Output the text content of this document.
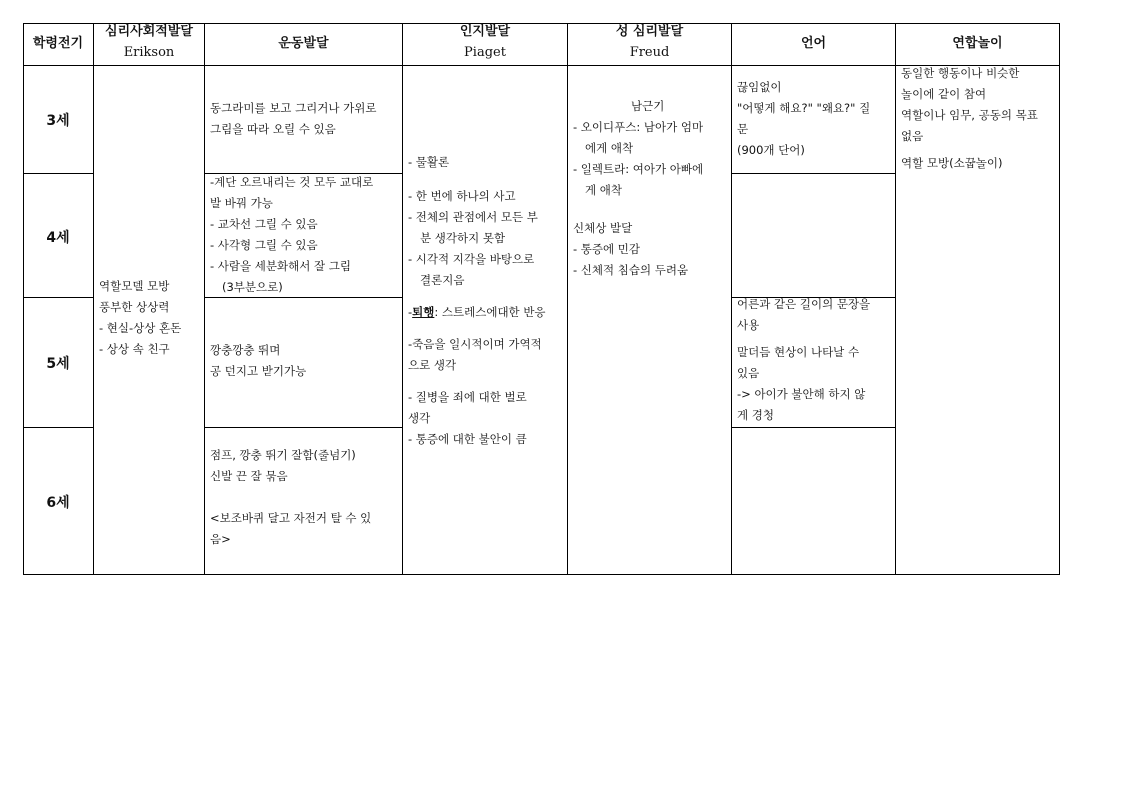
학령전기
심리사회적발달
Erikson
운동발달
인지발달
Piaget
성 심리발달
Freud
언어	연합놀이
3세
4세
5세
6세
역할모델 모방
풍부한 상상력
- 현실-상상 혼돈
- 상상 속 친구
동그라미를 보고 그리거나 가위로
그림을 따라 오릴 수 있음
-계단 오르내리는 것 모두 교대로
발 바꿔 가능
- 교차선 그릴 수 있음
- 사각형 그릴 수 있음
- 사람을 세분화해서 잘 그림
(3부분으로)
깡충깡충 뛰며
공 던지고 받기가능
점프, 깡충 뛰기 잘함(줄넘기)
신발 끈 잘 묶음
<보조바퀴 달고 자전거 탈 수 있
음>
- 물활론
- 한 번에 하나의 사고
- 전체의 관점에서 모든 부
분 생각하지 못함
- 시각적 지각을 바탕으로
결론지음
-퇴행: 스트레스에대한 반응
-죽음을 일시적이며 가역적
으로 생각
- 질병을 죄에 대한 벌로
생각
- 통증에 대한 불안이 큼
남근기
- 오이디푸스: 남아가 엄마
에게 애착
- 일렉트라: 여아가 아빠에
게 애착
신체상 발달
- 통증에 민감
- 신체적 침습의 두려움
끊임없이
"어떻게 해요?" "왜요?" 질
문
(900개 단어)
어른과 같은 길이의 문장을
사용
말더듬 현상이 나타날 수
있음
-> 아이가 불안해 하지 않
게 경청
동일한 행동이나 비슷한
놀이에 같이 참여
역할이나 임무, 공동의 목표
없음
역할 모방(소꿉놀이)
